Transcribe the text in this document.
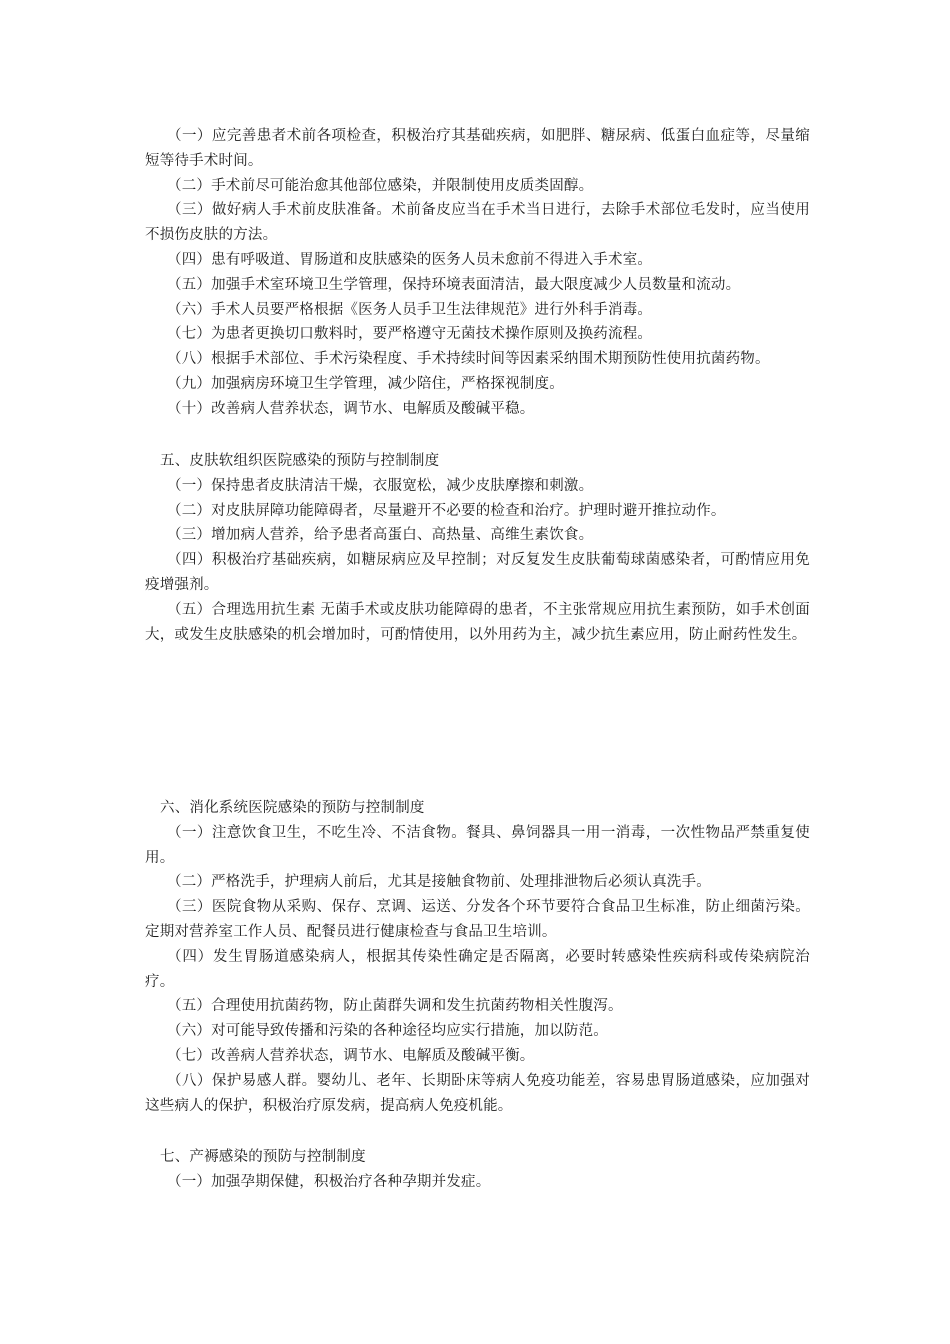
（一）应完善患者术前各项检查，积极治疗其基础疾病，如肥胖、糖尿病、低蛋白血症等，尽量缩短等待手术时间。

（二）手术前尽可能治愈其他部位感染，并限制使用皮质类固醇。

（三）做好病人手术前皮肤准备。术前备皮应当在手术当日进行，去除手术部位毛发时，应当使用不损伤皮肤的方法。

（四）患有呼吸道、胃肠道和皮肤感染的医务人员未愈前不得进入手术室。

（五）加强手术室环境卫生学管理，保持环境表面清洁，最大限度减少人员数量和流动。

（六）手术人员要严格根据《医务人员手卫生法律规范》进行外科手消毒。

（七）为患者更换切口敷料时，要严格遵守无菌技术操作原则及换药流程。

（八）根据手术部位、手术污染程度、手术持续时间等因素采纳围术期预防性使用抗菌药物。

（九）加强病房环境卫生学管理，减少陪住，严格探视制度。

（十）改善病人营养状态，调节水、电解质及酸碱平稳。

五、皮肤软组织医院感染的预防与控制制度

（一）保持患者皮肤清洁干燥，衣服宽松，减少皮肤摩擦和刺激。

（二）对皮肤屏障功能障碍者，尽量避开不必要的检查和治疗。护理时避开推拉动作。

（三）增加病人营养，给予患者高蛋白、高热量、高维生素饮食。

（四）积极治疗基础疾病，如糖尿病应及早控制；对反复发生皮肤葡萄球菌感染者，可酌情应用免疫增强剂。

（五）合理选用抗生素 无菌手术或皮肤功能障碍的患者，不主张常规应用抗生素预防，如手术创面大，或发生皮肤感染的机会增加时，可酌情使用，以外用药为主，减少抗生素应用，防止耐药性发生。

六、消化系统医院感染的预防与控制制度

（一）注意饮食卫生，不吃生冷、不洁食物。餐具、鼻饲器具一用一消毒，一次性物品严禁重复使用。

（二）严格洗手，护理病人前后，尤其是接触食物前、处理排泄物后必须认真洗手。

（三）医院食物从采购、保存、烹调、运送、分发各个环节要符合食品卫生标准，防止细菌污染。定期对营养室工作人员、配餐员进行健康检查与食品卫生培训。

（四）发生胃肠道感染病人，根据其传染性确定是否隔离，必要时转感染性疾病科或传染病院治疗。

（五）合理使用抗菌药物，防止菌群失调和发生抗菌药物相关性腹泻。

（六）对可能导致传播和污染的各种途径均应实行措施，加以防范。

（七）改善病人营养状态，调节水、电解质及酸碱平衡。

（八）保护易感人群。婴幼儿、老年、长期卧床等病人免疫功能差，容易患胃肠道感染，应加强对这些病人的保护，积极治疗原发病，提高病人免疫机能。

七、产褥感染的预防与控制制度

（一）加强孕期保健，积极治疗各种孕期并发症。
